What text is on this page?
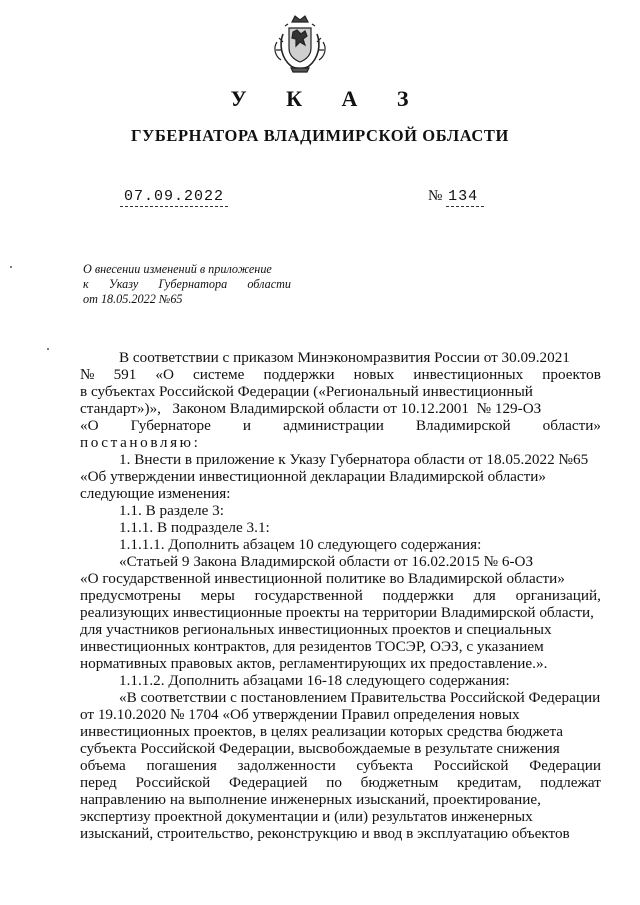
У К А З
ГУБЕРНАТОРА ВЛАДИМИРСКОЙ ОБЛАСТИ
07.09.2022	№ 134
О внесении изменений в приложение
к Указу Губернатора области
от 18.05.2022 №65
В соответствии с приказом Минэкономразвития России от 30.09.2021
№ 591 «О системе поддержки новых инвестиционных проектов
в субъектах Российской Федерации («Региональный инвестиционный
стандарт»)»,   Законом Владимирской области от 10.12.2001  № 129-ОЗ
«О Губернаторе и администрации Владимирской области»
постановляю:
1. Внести в приложение к Указу Губернатора области от 18.05.2022 №65
«Об утверждении инвестиционной декларации Владимирской области»
следующие изменения:
1.1. В разделе 3:
1.1.1. В подразделе 3.1:
1.1.1.1. Дополнить абзацем 10 следующего содержания:
«Статьей 9 Закона Владимирской области от 16.02.2015 № 6-ОЗ
«О государственной инвестиционной политике во Владимирской области»
предусмотрены меры государственной поддержки для организаций,
реализующих инвестиционные проекты на территории Владимирской области,
для участников региональных инвестиционных проектов и специальных
инвестиционных контрактов, для резидентов ТОСЭР, ОЭЗ, с указанием
нормативных правовых актов, регламентирующих их предоставление.».
1.1.1.2. Дополнить абзацами 16-18 следующего содержания:
«В соответствии с постановлением Правительства Российской Федерации
от 19.10.2020 № 1704 «Об утверждении Правил определения новых
инвестиционных проектов, в целях реализации которых средства бюджета
субъекта Российской Федерации, высвобождаемые в результате снижения
объема погашения задолженности субъекта Российской Федерации
перед Российской Федерацией по бюджетным кредитам, подлежат
направлению на выполнение инженерных изысканий, проектирование,
экспертизу проектной документации и (или) результатов инженерных
изысканий, строительство, реконструкцию и ввод в эксплуатацию объектов
